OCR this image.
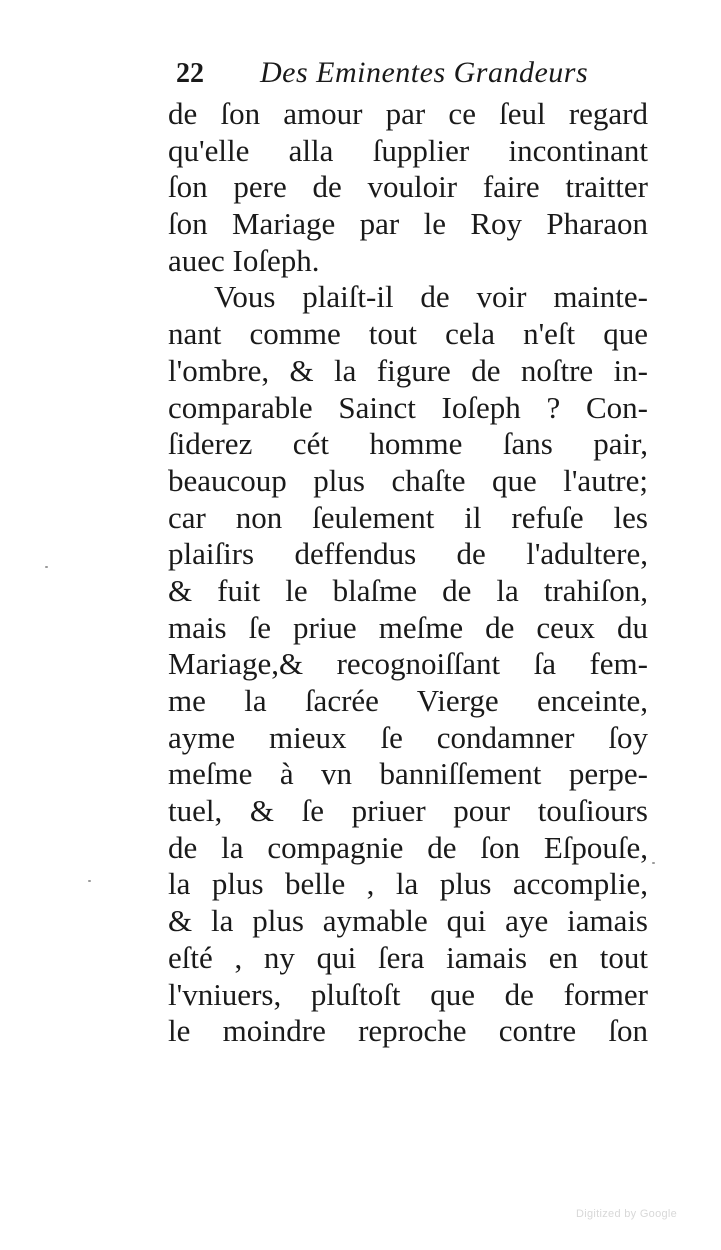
22 Des Eminentes Grandeurs
de ſon amour par ce ſeul regard
qu'elle alla ſupplier incontinant
ſon pere de vouloir faire traitter
ſon Mariage par le Roy Pharaon
auec Ioſeph.
Vous plaiſt-il de voir mainte-
nant comme tout cela n'eſt que
l'ombre, & la figure de noſtre in-
comparable Sainct Ioſeph ? Con-
ſiderez cét homme ſans pair,
beaucoup plus chaſte que l'autre;
car non ſeulement il refuſe les
plaiſirs deffendus de l'adultere,
& fuit le blaſme de la trahiſon,
mais ſe priue meſme de ceux du
Mariage,& recognoiſſant ſa fem-
me la ſacrée Vierge enceinte,
ayme mieux ſe condamner ſoy
meſme à vn banniſſement perpe-
tuel, & ſe priuer pour touſiours
de la compagnie de ſon Eſpouſe,
la plus belle , la plus accomplie,
& la plus aymable qui aye iamais
eſté , ny qui ſera iamais en tout
l'vniuers, pluſtoſt que de former
le moindre reproche contre ſon
Digitized by Google
